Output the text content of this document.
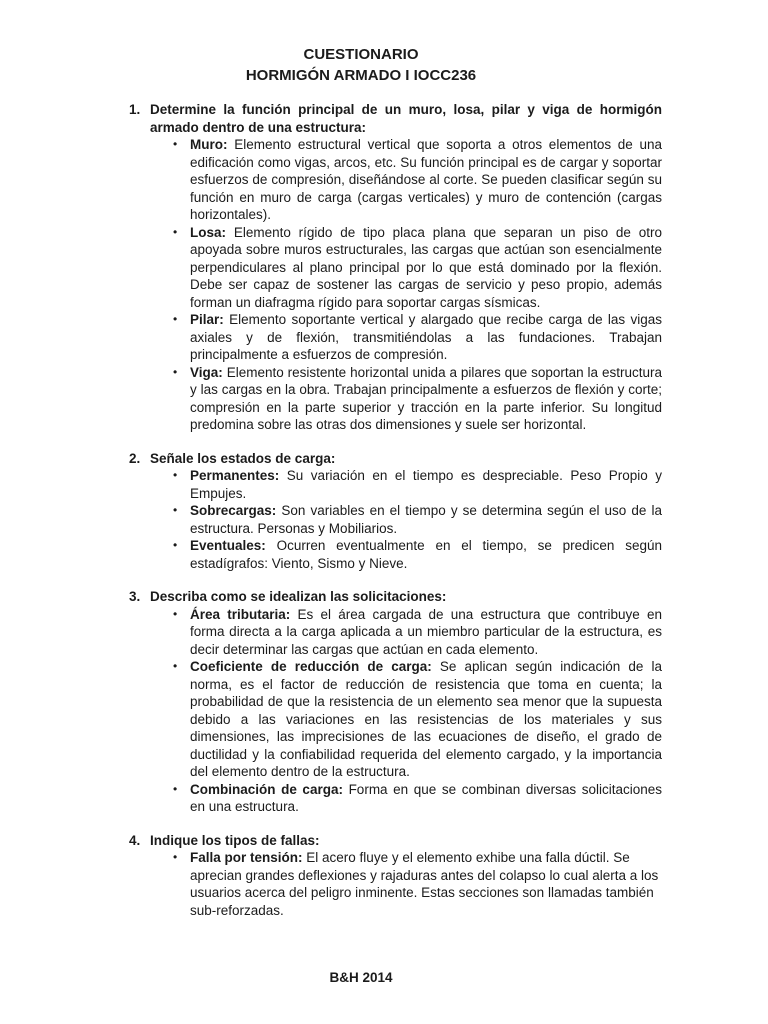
CUESTIONARIO
HORMIGÓN ARMADO I IOCC236
1. Determine la función principal de un muro, losa, pilar y viga de hormigón armado dentro de una estructura:
• Muro: Elemento estructural vertical que soporta a otros elementos de una edificación como vigas, arcos, etc. Su función principal es de cargar y soportar esfuerzos de compresión, diseñándose al corte. Se pueden clasificar según su función en muro de carga (cargas verticales) y muro de contención (cargas horizontales).

• Losa: Elemento rígido de tipo placa plana que separan un piso de otro apoyada sobre muros estructurales, las cargas que actúan son esencialmente perpendiculares al plano principal por lo que está dominado por la flexión. Debe ser capaz de sostener las cargas de servicio y peso propio, además forman un diafragma rígido para soportar cargas sísmicas.

• Pilar: Elemento soportante vertical y alargado que recibe carga de las vigas axiales y de flexión, transmitiéndolas a las fundaciones. Trabajan principalmente a esfuerzos de compresión.

• Viga: Elemento resistente horizontal unida a pilares que soportan la estructura y las cargas en la obra. Trabajan principalmente a esfuerzos de flexión y corte; compresión en la parte superior y tracción en la parte inferior. Su longitud predomina sobre las otras dos dimensiones y suele ser horizontal.

2. Señale los estados de carga:
• Permanentes: Su variación en el tiempo es despreciable. Peso Propio y Empujes.

• Sobrecargas: Son variables en el tiempo y se determina según el uso de la estructura. Personas y Mobiliarios.

• Eventuales: Ocurren eventualmente en el tiempo, se predicen según estadígrafos: Viento, Sismo y Nieve.

3. Describa como se idealizan las solicitaciones:
• Área tributaria: Es el área cargada de una estructura que contribuye en forma directa a la carga aplicada a un miembro particular de la estructura, es decir determinar las cargas que actúan en cada elemento.

• Coeficiente de reducción de carga: Se aplican según indicación de la norma, es el factor de reducción de resistencia que toma en cuenta; la probabilidad de que la resistencia de un elemento sea menor que la supuesta debido a las variaciones en las resistencias de los materiales y sus dimensiones, las imprecisiones de las ecuaciones de diseño, el grado de ductilidad y la confiabilidad requerida del elemento cargado, y la importancia del elemento dentro de la estructura.

• Combinación de carga: Forma en que se combinan diversas solicitaciones en una estructura.

4. Indique los tipos de fallas:
• Falla por tensión: El acero fluye y el elemento exhibe una falla dúctil. Se aprecian grandes deflexiones y rajaduras antes del colapso lo cual alerta a los usuarios acerca del peligro inminente. Estas secciones son llamadas también sub-reforzadas.

B&H 2014
